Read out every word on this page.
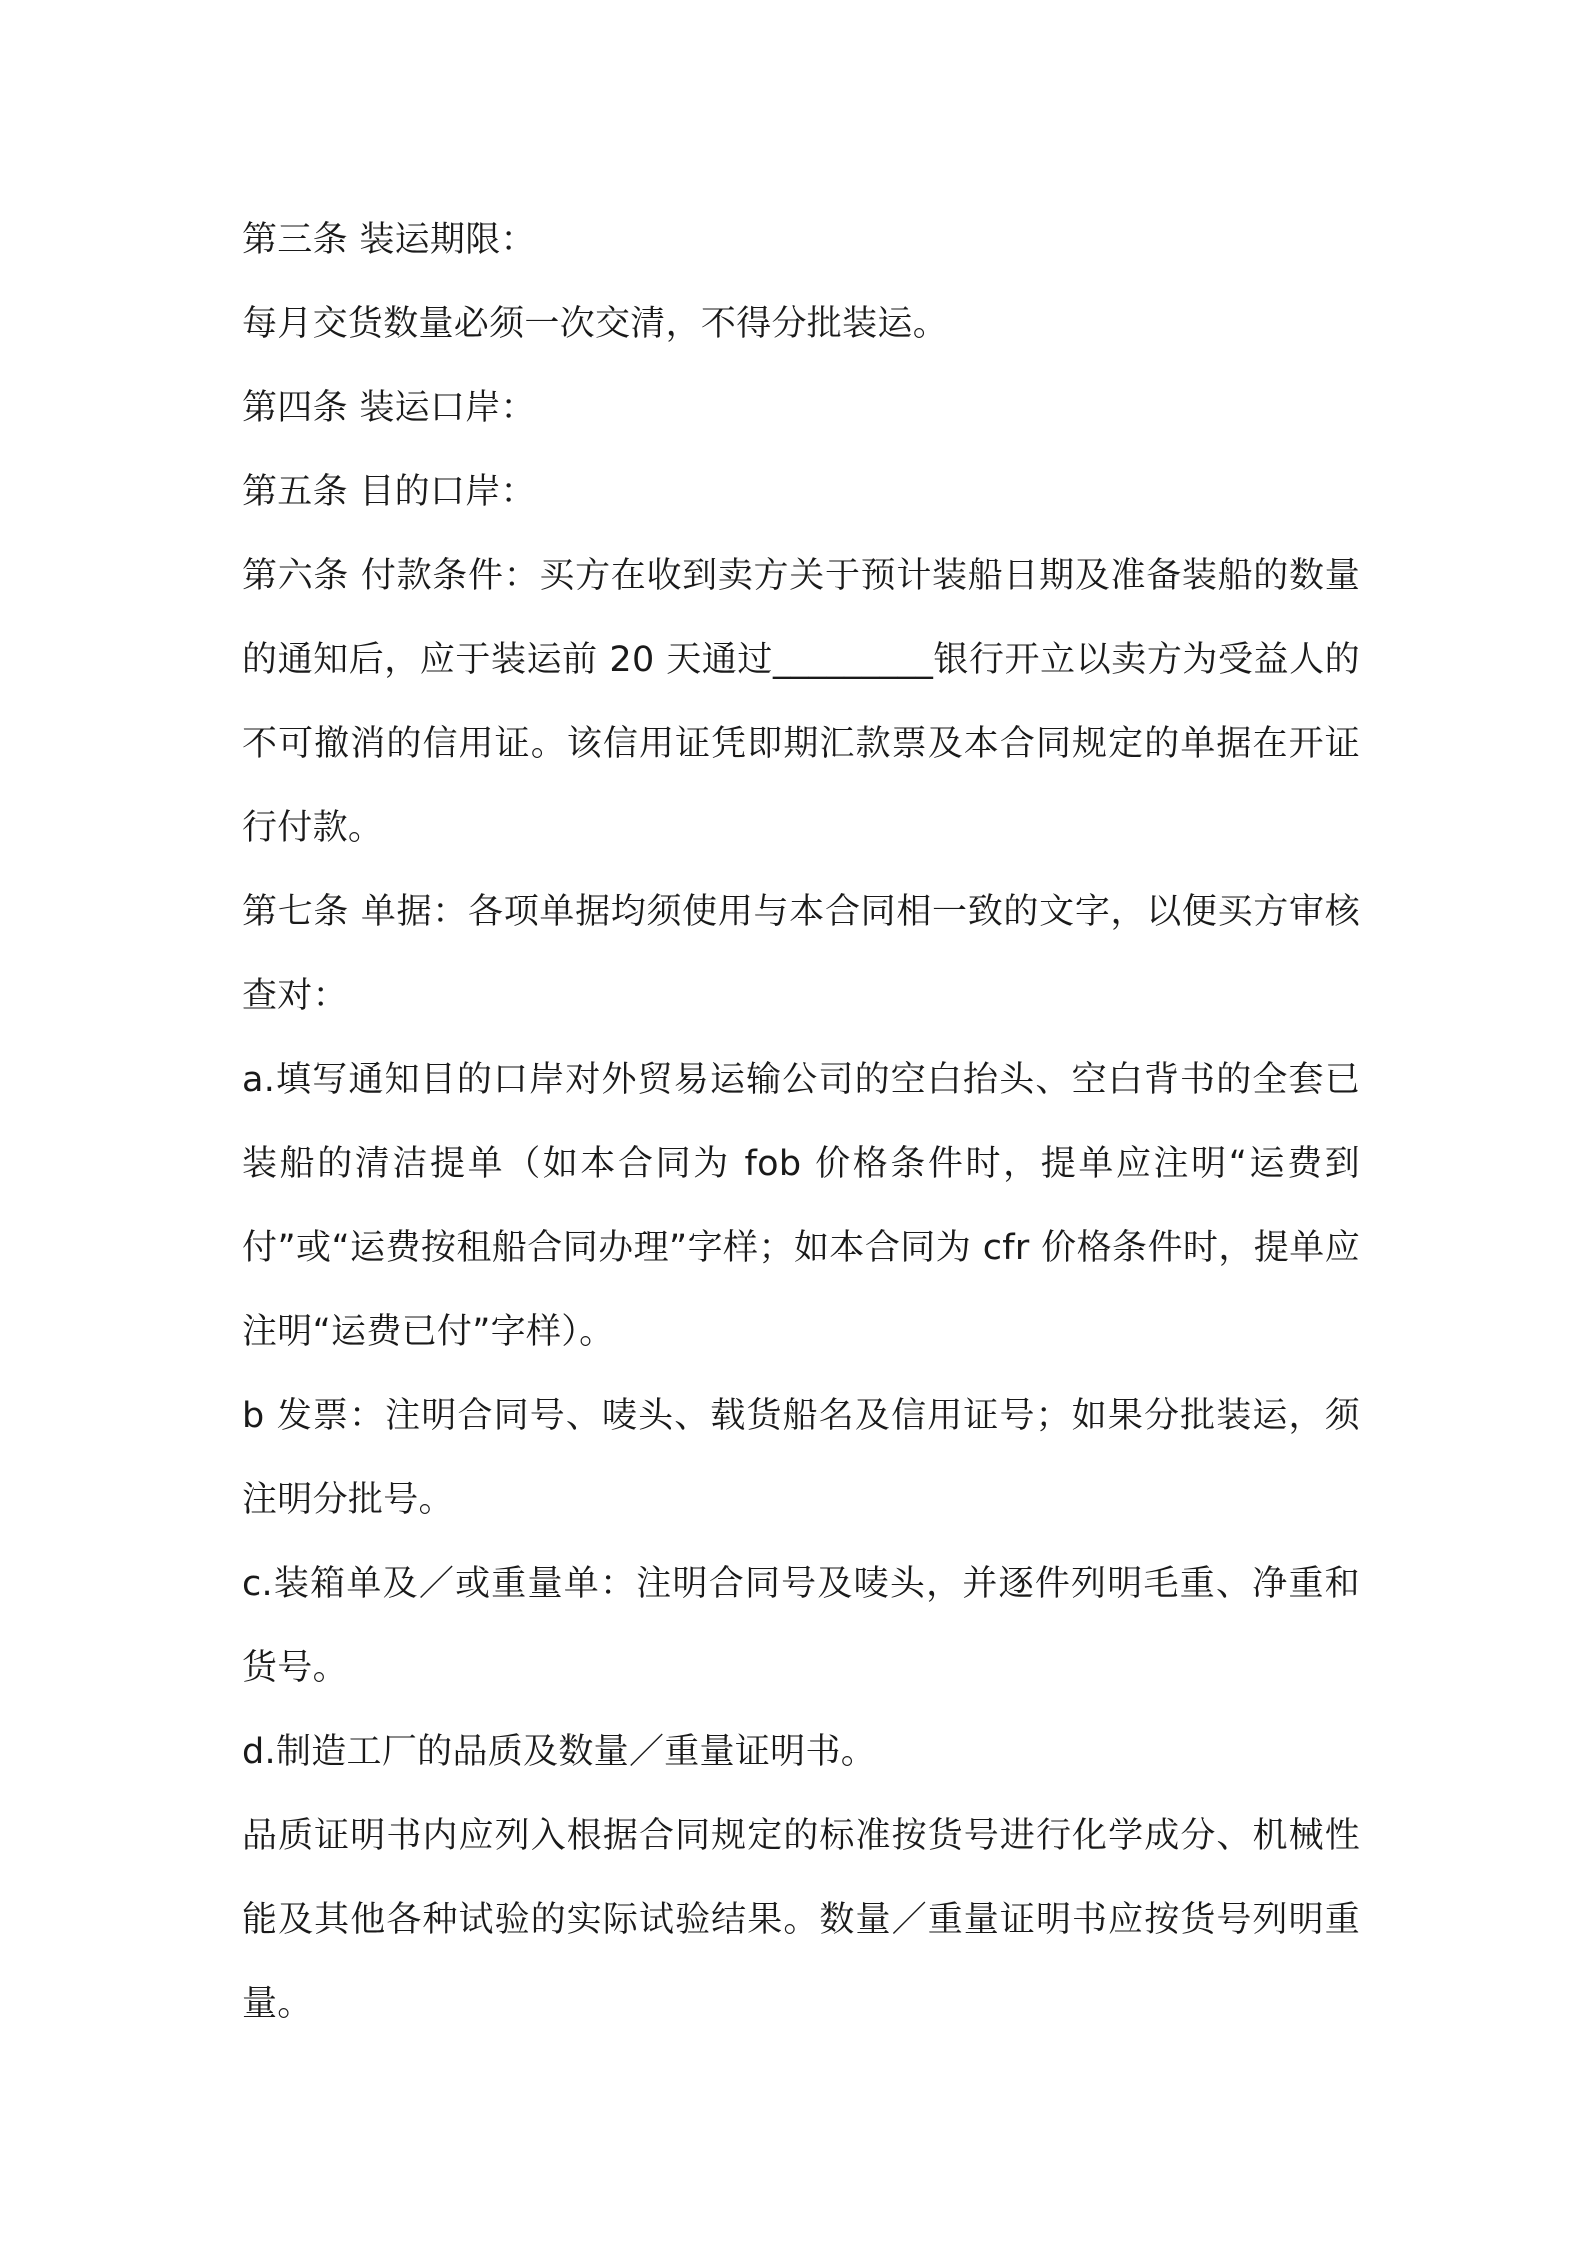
第三条 装运期限：

每月交货数量必须一次交清，不得分批装运。

第四条 装运口岸：

第五条 目的口岸：

第六条 付款条件：买方在收到卖方关于预计装船日期及准备装船的数量的通知后，应于装运前 20 天通过_________银行开立以卖方为受益人的不可撤消的信用证。该信用证凭即期汇款票及本合同规定的单据在开证行付款。

第七条 单据：各项单据均须使用与本合同相一致的文字，以便买方审核查对：

a.填写通知目的口岸对外贸易运输公司的空白抬头、空白背书的全套已装船的清洁提单（如本合同为 fob 价格条件时，提单应注明“运费到付”或“运费按租船合同办理”字样；如本合同为 cfr 价格条件时，提单应注明“运费已付”字样）。

b 发票：注明合同号、唛头、载货船名及信用证号；如果分批装运，须注明分批号。

c.装箱单及／或重量单：注明合同号及唛头，并逐件列明毛重、净重和货号。

d.制造工厂的品质及数量／重量证明书。

品质证明书内应列入根据合同规定的标准按货号进行化学成分、机械性能及其他各种试验的实际试验结果。数量／重量证明书应按货号列明重量。
